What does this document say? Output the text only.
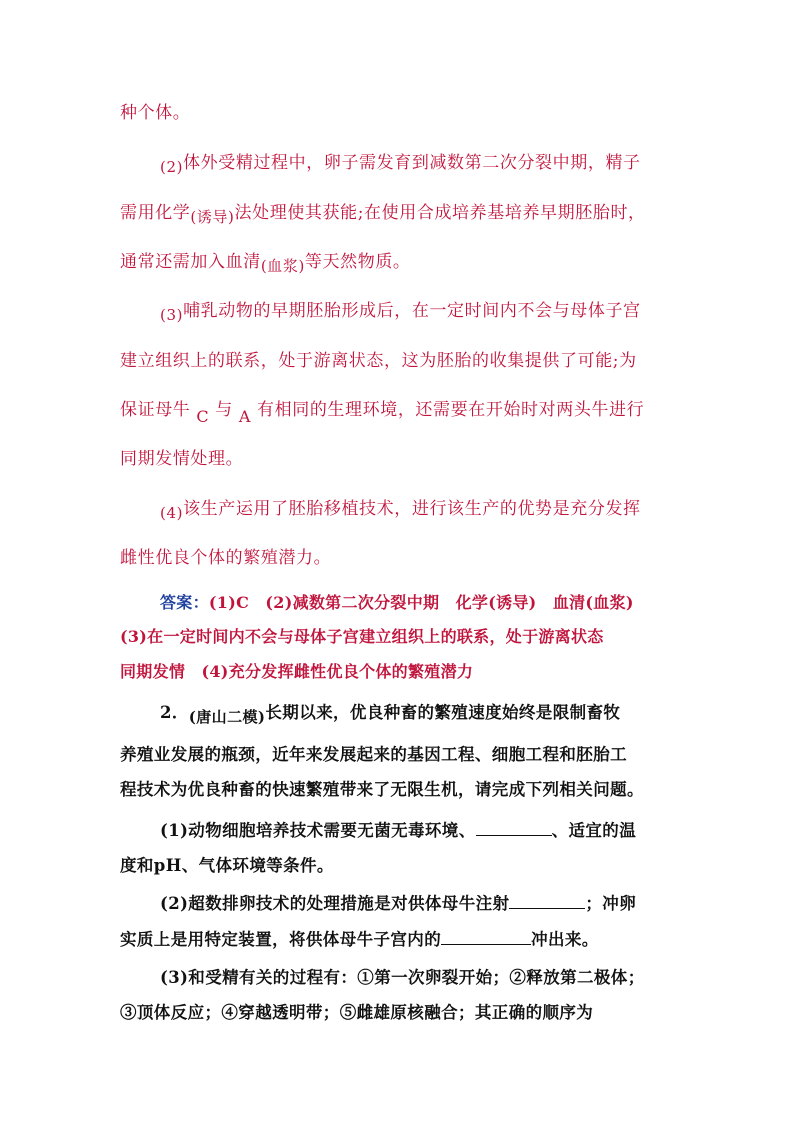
种个体。
(2)体外受精过程中，卵子需发育到减数第二次分裂中期，精子
需用化学(诱导)法处理使其获能;在使用合成培养基培养早期胚胎时，
通常还需加入血清(血浆)等天然物质。
(3)哺乳动物的早期胚胎形成后，在一定时间内不会与母体子宫
建立组织上的联系，处于游离状态，这为胚胎的收集提供了可能;为
保证母牛 C 与 A 有相同的生理环境，还需要在开始时对两头牛进行
同期发情处理。
(4)该生产运用了胚胎移植技术，进行该生产的优势是充分发挥
雌性优良个体的繁殖潜力。
答案：(1)C　(2)减数第二次分裂中期　化学(诱导)　血清(血浆)
(3)在一定时间内不会与母体子宫建立组织上的联系，处于游离状态
同期发情　(4)充分发挥雌性优良个体的繁殖潜力
2．(唐山二模)长期以来，优良种畜的繁殖速度始终是限制畜牧
养殖业发展的瓶颈，近年来发展起来的基因工程、细胞工程和胚胎工
程技术为优良种畜的快速繁殖带来了无限生机，请完成下列相关问题。
(1)动物细胞培养技术需要无菌无毒环境、	、适宜的温
度和pH、气体环境等条件。
(2)超数排卵技术的处理措施是对供体母牛注射	；冲卵
实质上是用特定装置，将供体母牛子宫内的	冲出来。
(3)和受精有关的过程有：①第一次卵裂开始；②释放第二极体；
③顶体反应；④穿越透明带；⑤雌雄原核融合；其正确的顺序为
